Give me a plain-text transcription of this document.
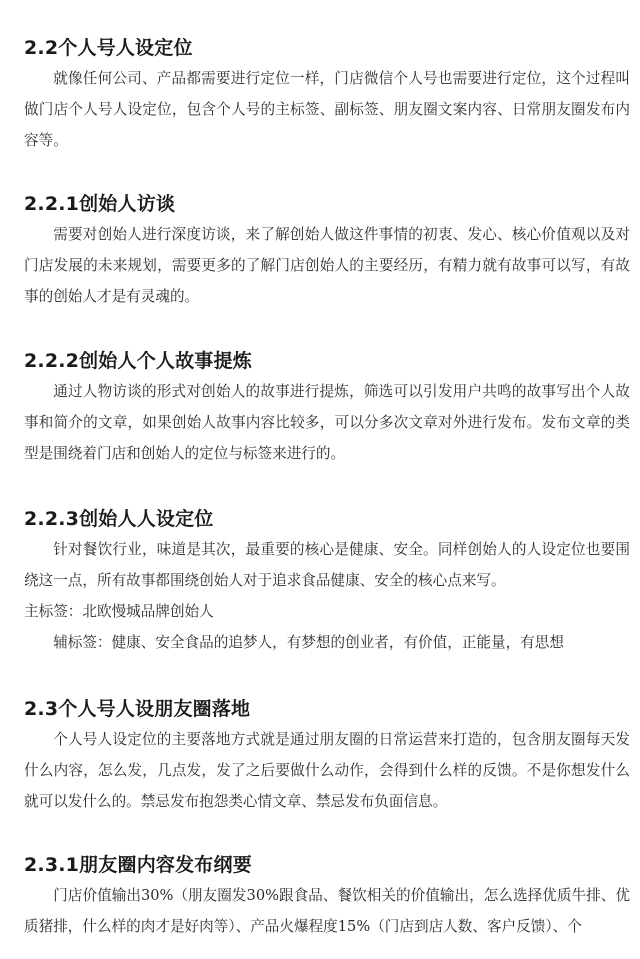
2.2个人号人设定位

就像任何公司、产品都需要进行定位一样，门店微信个人号也需要进行定位，这个过程叫做门店个人号人设定位，包含个人号的主标签、副标签、朋友圈文案内容、日常朋友圈发布内容等。

2.2.1创始人访谈

需要对创始人进行深度访谈，来了解创始人做这件事情的初衷、发心、核心价值观以及对门店发展的未来规划，需要更多的了解门店创始人的主要经历，有精力就有故事可以写，有故事的创始人才是有灵魂的。

2.2.2创始人个人故事提炼

通过人物访谈的形式对创始人的故事进行提炼，筛选可以引发用户共鸣的故事写出个人故事和简介的文章，如果创始人故事内容比较多，可以分多次文章对外进行发布。发布文章的类型是围绕着门店和创始人的定位与标签来进行的。

2.2.3创始人人设定位

针对餐饮行业，味道是其次，最重要的核心是健康、安全。同样创始人的人设定位也要围绕这一点，所有故事都围绕创始人对于追求食品健康、安全的核心点来写。

主标签：北欧慢城品牌创始人

辅标签：健康、安全食品的追梦人，有梦想的创业者，有价值，正能量，有思想

2.3个人号人设朋友圈落地

个人号人设定位的主要落地方式就是通过朋友圈的日常运营来打造的，包含朋友圈每天发什么内容，怎么发，几点发，发了之后要做什么动作，会得到什么样的反馈。不是你想发什么就可以发什么的。禁忌发布抱怨类心情文章、禁忌发布负面信息。

2.3.1朋友圈内容发布纲要

门店价值输出30%（朋友圈发30%跟食品、餐饮相关的价值输出，怎么选择优质牛排、优质猪排，什么样的肉才是好肉等）、产品火爆程度15%（门店到店人数、客户反馈）、个
